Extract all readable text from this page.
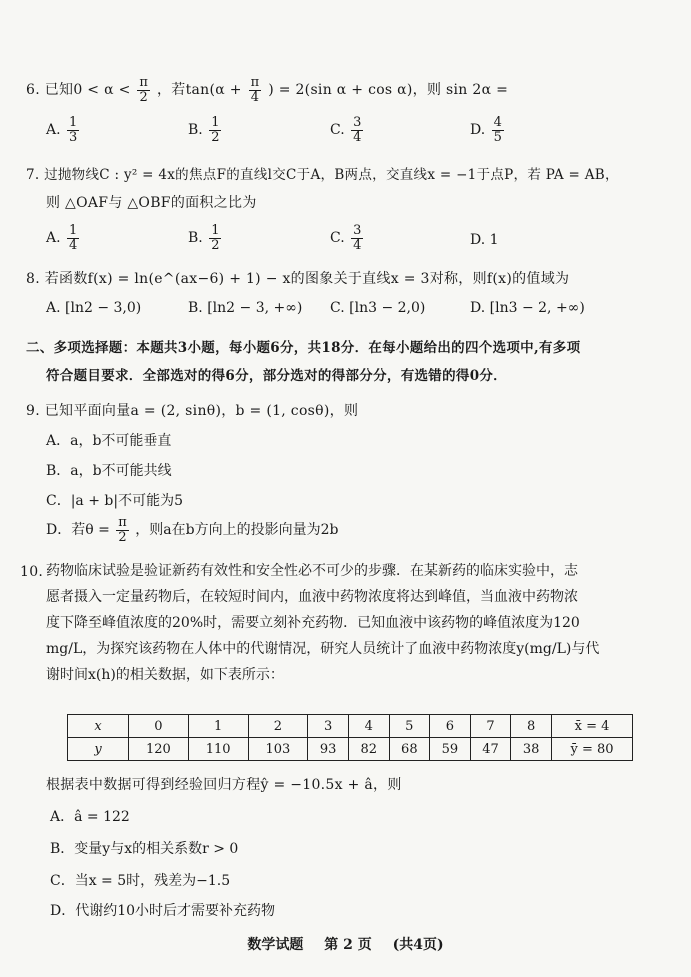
6. 已知$0 < \alpha < \frac{\pi}{2}$ ，若$\tan(\alpha + \frac{\pi}{4}$ ) = 2(sin α + cos α)，则 sin 2α =
A. $\frac{1}{3}$	B. $\frac{1}{2}$	C. $\frac{3}{4}$	D. $\frac{4}{5}$
7. 过抛物线C : y² = 4x的焦点F的直线l交C于A，B两点，交直线x = −1于点P，若 PA = AB，
则 △OAF与 △OBF的面积之比为
A. $\frac{1}{4}$	B. $\frac{1}{2}$	C. $\frac{3}{4}$	D. 1
8. 若函数f(x) = ln(e^(ax−6) + 1) − x的图象关于直线x = 3对称，则f(x)的值域为
A. [ln2 − 3,0)	B. [ln2 − 3, +∞) C. [ln3 − 2,0)	D. [ln3 − 2, +∞)
二、多项选择题：本题共3小题，每小题6分，共18分．在每小题给出的四个选项中,有多项
符合题目要求．全部选对的得6分，部分选对的得部分分，有选错的得0分．
9. 已知平面向量a = (2, sinθ)，b = (1, cosθ)，则
A．a，b不可能垂直
B．a，b不可能共线
C．|a + b|不可能为5
D．若$\theta = \frac{\pi}{2}$ ，则a在b方向上的投影向量为2b
10. 药物临床试验是验证新药有效性和安全性必不可少的步骤．在某新药的临床实验中，志
愿者摄入一定量药物后，在较短时间内，血液中药物浓度将达到峰值，当血液中药物浓
度下降至峰值浓度的20%时，需要立刻补充药物．已知血液中该药物的峰值浓度为120
mg/L，为探究该药物在人体中的代谢情况，研究人员统计了血液中药物浓度y(mg/L)与代
谢时间x(h)的相关数据，如下表所示：
x	0	1	2	3	4	5	6	7	8	x̄ = 4
y	120	110	103	93	82	68	59	47	38	ȳ = 80
根据表中数据可得到经验回归方程ŷ = −10.5x + â，则
A．â = 122
B．变量y与x的相关系数r > 0
C．当x = 5时，残差为−1.5
D．代谢约10小时后才需要补充药物
数学试题 第 2 页 (共4页)
